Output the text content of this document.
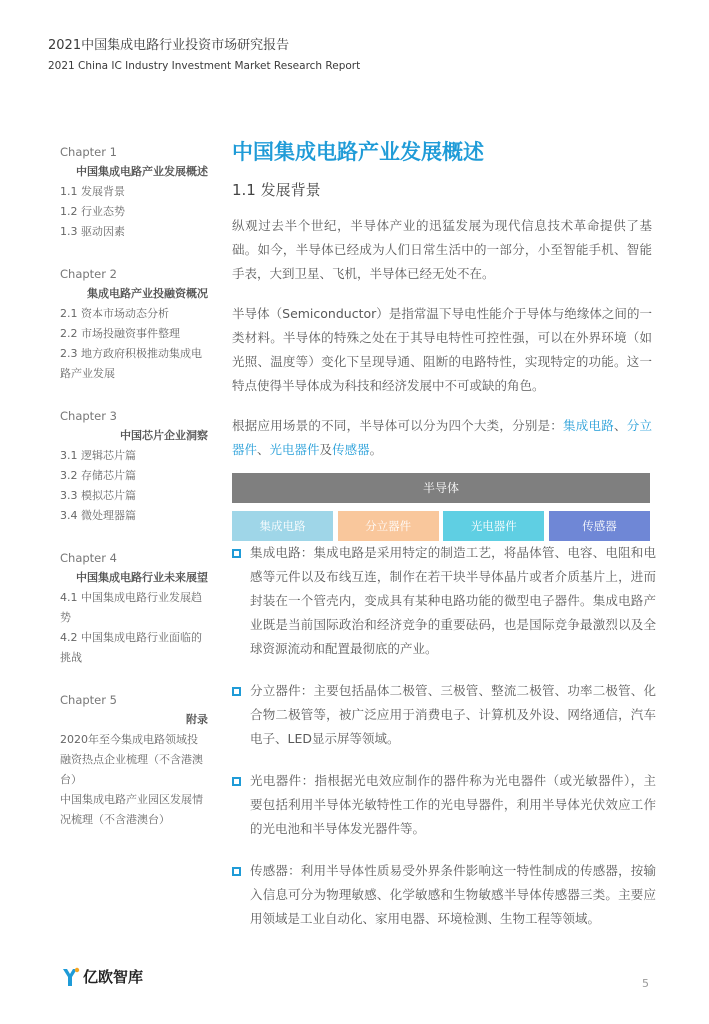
2021中国集成电路行业投资市场研究报告
2021 China IC Industry Investment Market Research Report
Chapter 1
中国集成电路产业发展概述
1.1 发展背景
1.2 行业态势
1.3 驱动因素
Chapter 2
集成电路产业投融资概况
2.1 资本市场动态分析
2.2 市场投融资事件整理
2.3 地方政府积极推动集成电路产业发展
Chapter 3
中国芯片企业洞察
3.1 逻辑芯片篇
3.2 存储芯片篇
3.3 模拟芯片篇
3.4 微处理器篇
Chapter 4
中国集成电路行业未来展望
4.1 中国集成电路行业发展趋势
4.2 中国集成电路行业面临的挑战
Chapter 5
附录
2020年至今集成电路领域投融资热点企业梳理（不含港澳台）
中国集成电路产业园区发展情况梳理（不含港澳台）
中国集成电路产业发展概述
1.1 发展背景
纵观过去半个世纪，半导体产业的迅猛发展为现代信息技术革命提供了基础。如今，半导体已经成为人们日常生活中的一部分，小至智能手机、智能手表，大到卫星、飞机，半导体已经无处不在。
半导体（Semiconductor）是指常温下导电性能介于导体与绝缘体之间的一类材料。半导体的特殊之处在于其导电特性可控性强，可以在外界环境（如光照、温度等）变化下呈现导通、阻断的电路特性，实现特定的功能。这一特点使得半导体成为科技和经济发展中不可或缺的角色。
根据应用场景的不同，半导体可以分为四个大类，分别是：集成电路、分立器件、光电器件及传感器。
半导体
集成电路	分立器件	光电器件	传感器
集成电路：集成电路是采用特定的制造工艺，将晶体管、电容、电阻和电感等元件以及布线互连，制作在若干块半导体晶片或者介质基片上，进而封装在一个管壳内，变成具有某种电路功能的微型电子器件。集成电路产业既是当前国际政治和经济竞争的重要砝码，也是国际竞争最激烈以及全球资源流动和配置最彻底的产业。
分立器件：主要包括晶体二极管、三极管、整流二极管、功率二极管、化合物二极管等，被广泛应用于消费电子、计算机及外设、网络通信，汽车电子、LED显示屏等领域。
光电器件：指根据光电效应制作的器件称为光电器件（或光敏器件），主要包括利用半导体光敏特性工作的光电导器件，利用半导体光伏效应工作的光电池和半导体发光器件等。
传感器：利用半导体性质易受外界条件影响这一特性制成的传感器，按输入信息可分为物理敏感、化学敏感和生物敏感半导体传感器三类。主要应用领域是工业自动化、家用电器、环境检测、生物工程等领域。
亿欧智库	5
